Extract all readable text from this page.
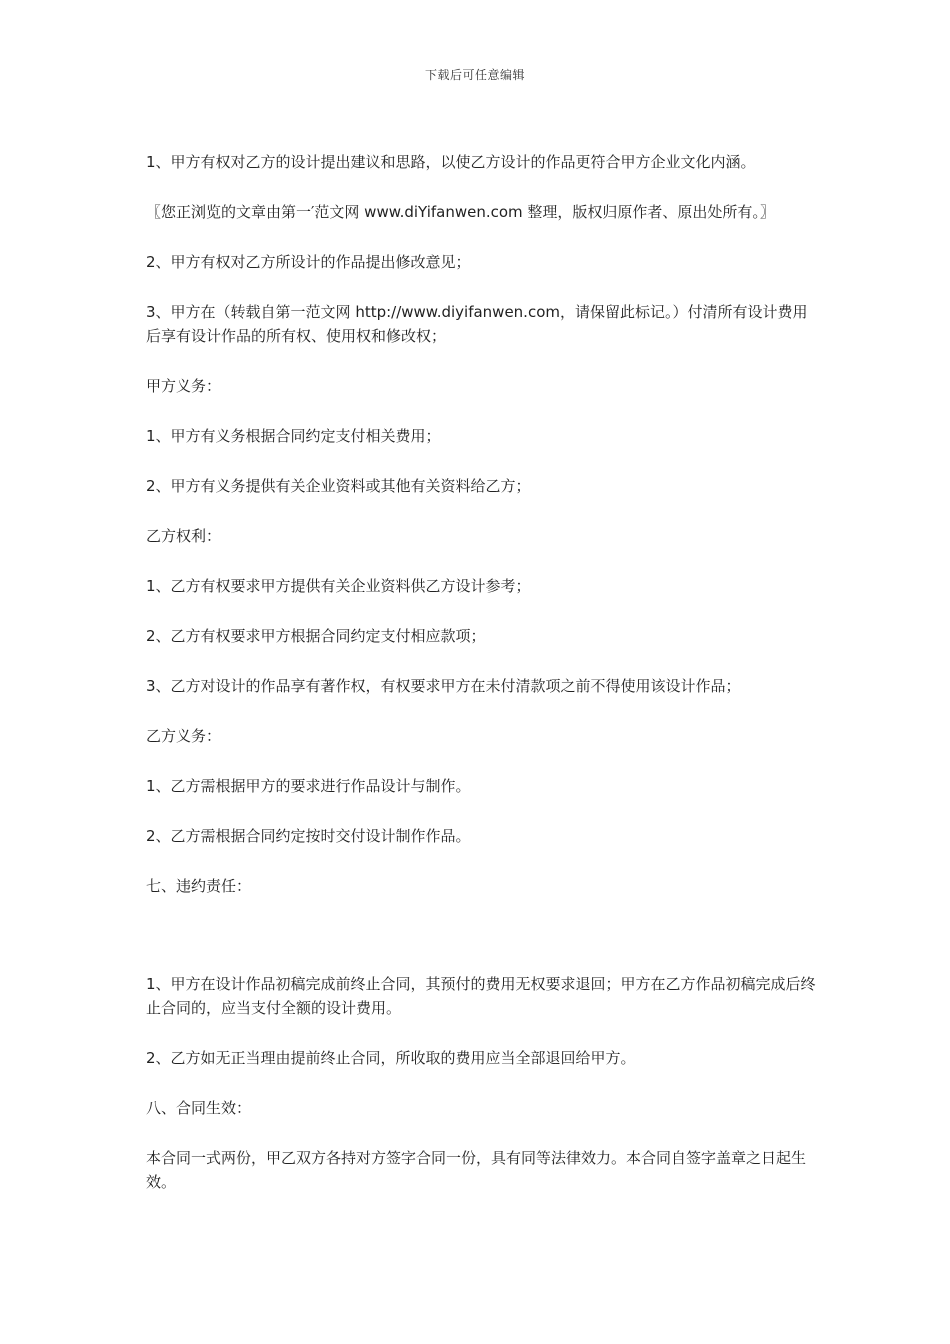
下载后可任意编辑

1、甲方有权对乙方的设计提出建议和思路，以使乙方设计的作品更符合甲方企业文化内涵。

〖您正浏览的文章由第一′范文网 www.diYifanwen.com 整理，版权归原作者、原出处所有。〗

2、甲方有权对乙方所设计的作品提出修改意见；

3、甲方在（转载自第一范文网 http://www.diyifanwen.com，请保留此标记。）付清所有设计费用后享有设计作品的所有权、使用权和修改权；

甲方义务：

1、甲方有义务根据合同约定支付相关费用；

2、甲方有义务提供有关企业资料或其他有关资料给乙方；

乙方权利：

1、乙方有权要求甲方提供有关企业资料供乙方设计参考；

2、乙方有权要求甲方根据合同约定支付相应款项；

3、乙方对设计的作品享有著作权，有权要求甲方在未付清款项之前不得使用该设计作品；

乙方义务：

1、乙方需根据甲方的要求进行作品设计与制作。

2、乙方需根据合同约定按时交付设计制作作品。

七、违约责任：

1、甲方在设计作品初稿完成前终止合同，其预付的费用无权要求退回；甲方在乙方作品初稿完成后终止合同的，应当支付全额的设计费用。

2、乙方如无正当理由提前终止合同，所收取的费用应当全部退回给甲方。

八、合同生效：

本合同一式两份，甲乙双方各持对方签字合同一份，具有同等法律效力。本合同自签字盖章之日起生效。
